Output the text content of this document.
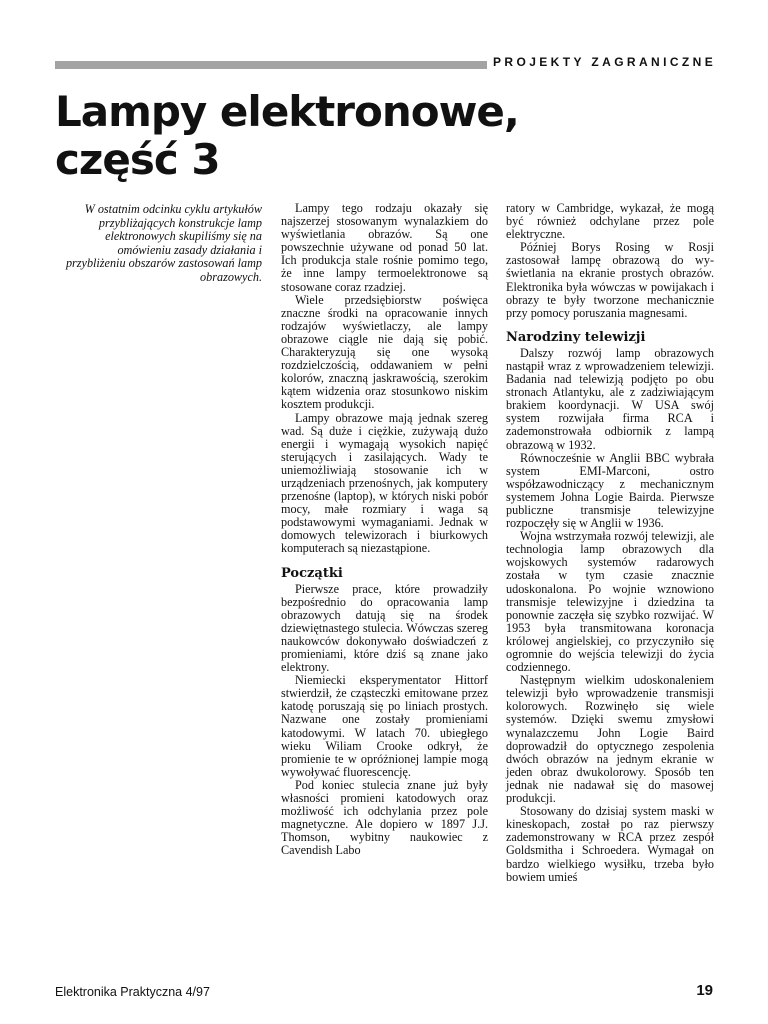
PROJEKTY ZAGRANICZNE
Lampy elektronowe,
część 3

W ostatnim odcinku cyklu artykułów przybliżających konstrukcje lamp elektronowych skupiliśmy się na omówieniu zasady działania i przybliżeniu obszarów zastosowań lamp obrazowych.

Lampy tego rodzaju okazały się najszerzej stosowanym wynalazkiem do wyświetlania obrazów. Są one powszechnie używane od ponad 50 lat. Ich produkcja stale rośnie pomimo tego, że inne lampy termoelektronowe są stosowane coraz rzadziej.

Wiele przedsiębiorstw poświęca znaczne środki na opracowanie innych rodzajów wyświetlaczy, ale lampy obrazowe ciągle nie dają się pobić. Charakteryzują się one wysoką rozdzielczością, oddawaniem w pełni kolorów, znaczną jaskrawością, szerokim kątem widzenia oraz stosunkowo niskim kosztem produkcji.

Lampy obrazowe mają jednak szereg wad. Są duże i ciężkie, zużywają dużo energii i wymagają wysokich napięć sterujących i zasilających. Wady te uniemożliwiają stosowanie ich w urządzeniach przenośnych, jak komputery przenośne (laptop), w których niski pobór mocy, małe rozmiary i waga są podstawowymi wymaganiami. Jednak w domowych telewizorach i biurkowych komputerach są niezastąpione.

Początki

Pierwsze prace, które prowadziły bezpośrednio do opracowania lamp obrazowych datują się na środek dziewiętnastego stulecia. Wówczas szereg naukowców dokonywało doświadczeń z promieniami, które dziś są znane jako elektrony.

Niemiecki eksperymentator Hittorf stwierdził, że cząsteczki emitowane przez katodę poruszają się po liniach prostych. Nazwane one zostały promieniami katodowymi. W latach 70. ubiegłego wieku Wiliam Crooke odkrył, że promienie te w opróżnionej lampie mogą wywoływać fluorescencję.

Pod koniec stulecia znane już były własności promieni katodowych oraz możliwość ich odchylania przez pole magnetyczne. Ale dopiero w 1897 J.J. Thomson, wybitny naukowiec z Cavendish Labo

ratory w Cambridge, wykazał, że mogą być również odchylane przez pole elektryczne.

Później Borys Rosing w Rosji zastosował lampę obrazową do wyświetlania na ekranie prostych obrazów. Elektronika była wówczas w powijakach i obrazy te były tworzone mechanicznie przy pomocy poruszania magnesami.

Narodziny telewizji

Dalszy rozwój lamp obrazowych nastąpił wraz z wprowadzeniem telewizji. Badania nad telewizją podjęto po obu stronach Atlantyku, ale z zadziwiającym brakiem koordynacji. W USA swój system rozwijała firma RCA i zademonstrowała odbiornik z lampą obrazową w 1932.

Równocześnie w Anglii BBC wybrała system EMI-Marconi, ostro współzawodniczący z mechanicznym systemem Johna Logie Bairda. Pierwsze publiczne transmisje telewizyjne rozpoczęły się w Anglii w 1936.

Wojna wstrzymała rozwój telewizji, ale technologia lamp obrazowych dla wojskowych systemów radarowych została w tym czasie znacznie udoskonalona. Po wojnie wznowiono transmisje telewizyjne i dziedzina ta ponownie zaczęła się szybko rozwijać. W 1953 była transmitowana koronacja królowej angielskiej, co przyczyniło się ogromnie do wejścia telewizji do życia codziennego.

Następnym wielkim udoskonaleniem telewizji było wprowadzenie transmisji kolorowych. Rozwinęło się wiele systemów. Dzięki swemu zmysłowi wynalazczemu John Logie Baird doprowadził do optycznego zespolenia dwóch obrazów na jednym ekranie w jeden obraz dwukolorowy. Sposób ten jednak nie nadawał się do masowej produkcji.

Stosowany do dzisiaj system maski w kineskopach, został po raz pierwszy zademonstrowany w RCA przez zespół Goldsmitha i Schroedera. Wymagał on bardzo wielkiego wysiłku, trzeba było bowiem umieś

Elektronika Praktyczna 4/97	19
